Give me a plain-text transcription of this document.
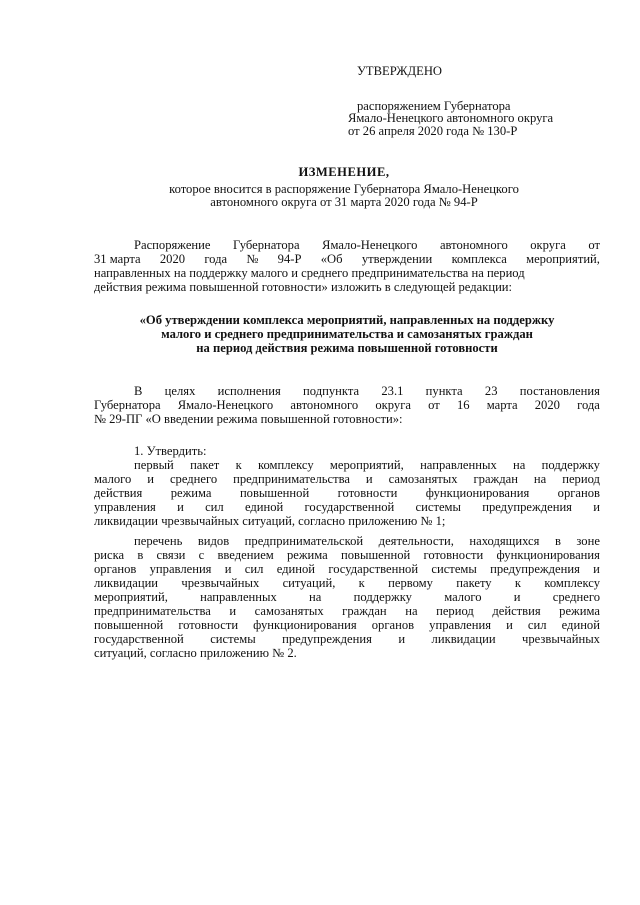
УТВЕРЖДЕНО
распоряжением Губернатора
Ямало-Ненецкого автономного округа
от 26 апреля 2020 года № 130-Р
ИЗМЕНЕНИЕ,
которое вносится в распоряжение Губернатора Ямало-Ненецкого
автономного округа от 31 марта 2020 года № 94-Р
Распоряжение Губернатора Ямало-Ненецкого автономного округа от
31 марта 2020 года № 94-Р «Об утверждении комплекса мероприятий,
направленных на поддержку малого и среднего предпринимательства на период
действия режима повышенной готовности» изложить в следующей редакции:
«Об утверждении комплекса мероприятий, направленных на поддержку
малого и среднего предпринимательства и самозанятых граждан
на период действия режима повышенной готовности
В целях исполнения подпункта 23.1 пункта 23 постановления
Губернатора Ямало-Ненецкого автономного округа от 16 марта 2020 года
№ 29-ПГ «О введении режима повышенной готовности»:
1. Утвердить:
первый пакет к комплексу мероприятий, направленных на поддержку
малого и среднего предпринимательства и самозанятых граждан на период
действия режима повышенной готовности функционирования органов
управления и сил единой государственной системы предупреждения и
ликвидации чрезвычайных ситуаций, согласно приложению № 1;
перечень видов предпринимательской деятельности, находящихся в зоне
риска в связи с введением режима повышенной готовности функционирования
органов управления и сил единой государственной системы предупреждения и
ликвидации чрезвычайных ситуаций, к первому пакету к комплексу
мероприятий,	направленных	на	поддержку	малого	и	среднего
предпринимательства и самозанятых граждан на период действия режима
повышенной готовности функционирования органов управления и сил единой
государственной системы предупреждения и ликвидации чрезвычайных
ситуаций, согласно приложению № 2.
